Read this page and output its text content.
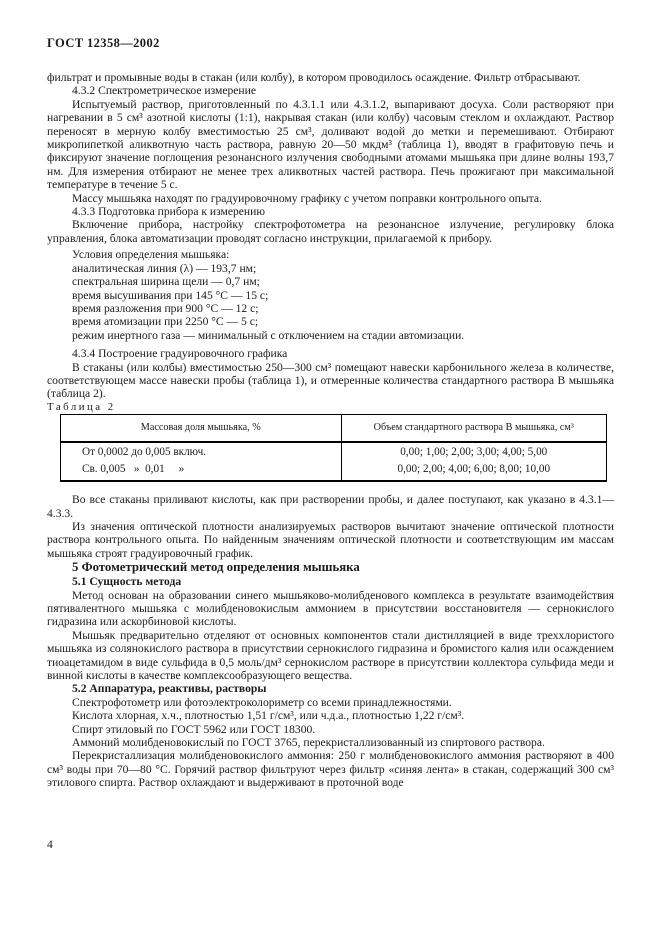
ГОСТ 12358—2002

фильтрат и промывные воды в стакан (или колбу), в котором проводилось осаждение. Фильтр отбрасывают.

4.3.2 Спектрометрическое измерение

Испытуемый раствор, приготовленный по 4.3.1.1 или 4.3.1.2, выпаривают досуха. Соли растворяют при нагревании в 5 см³ азотной кислоты (1:1), накрывая стакан (или колбу) часовым стеклом и охлаждают. Раствор переносят в мерную колбу вместимостью 25 см³, доливают водой до метки и перемешивают. Отбирают микропипеткой аликвотную часть раствора, равную 20—50 мкдм³ (таблица 1), вводят в графитовую печь и фиксируют значение поглощения резонансного излучения свободными атомами мышьяка при длине волны 193,7 нм. Для измерения отбирают не менее трех аликвотных частей раствора. Печь прожигают при максимальной температуре в течение 5 с.

Массу мышьяка находят по градуировочному графику с учетом поправки контрольного опыта.

4.3.3 Подготовка прибора к измерению

Включение прибора, настройку спектрофотометра на резонансное излучение, регулировку блока управления, блока автоматизации проводят согласно инструкции, прилагаемой к прибору.

Условия определения мышьяка:

аналитическая линия (λ) — 193,7 нм;

спектральная ширина щели — 0,7 нм;

время высушивания при 145 °С — 15 с;

время разложения при 900 °С — 12 с;

время атомизации при 2250 °С — 5 с;

режим инертного газа — минимальный с отключением на стадии автомизации.

4.3.4 Построение градуировочного графика

В стаканы (или колбы) вместимостью 250—300 см³ помещают навески карбонильного железа в количестве, соответствующем массе навески пробы (таблица 1), и отмеренные количества стандартного раствора В мышьяка (таблица 2).

Таблица 2

Массовая доля мышьяка, %	Объем стандартного раствора В мышьяка, см³
От 0,0002 до 0,005 включ.	0,00; 1,00; 2,00; 3,00; 4,00; 5,00
Св. 0,005   »  0,01     »	0,00; 2,00; 4,00; 6,00; 8,00; 10,00

Во все стаканы приливают кислоты, как при растворении пробы, и далее поступают, как указано в 4.3.1—4.3.3.

Из значения оптической плотности анализируемых растворов вычитают значение оптической плотности раствора контрольного опыта. По найденным значениям оптической плотности и соответствующим им массам мышьяка строят градуировочный график.

5 Фотометрический метод определения мышьяка

5.1 Сущность метода

Метод основан на образовании синего мышьяково-молибденового комплекса в результате взаимодействия пятивалентного мышьяка с молибденовокислым аммонием в присутствии восстановителя — сернокислого гидразина или аскорбиновой кислоты.

Мышьяк предварительно отделяют от основных компонентов стали дистилляцией в виде треххлористого мышьяка из солянокислого раствора в присутствии сернокислого гидразина и бромистого калия или осаждением тиоацетамидом в виде сульфида в 0,5 моль/дм³ сернокислом растворе в присутствии коллектора сульфида меди и винной кислоты в качестве комплексообразующего вещества.

5.2 Аппаратура, реактивы, растворы

Спектрофотометр или фотоэлектроколориметр со всеми принадлежностями.

Кислота хлорная, х.ч., плотностью 1,51 г/см³, или ч.д.а., плотностью 1,22 г/см³.

Спирт этиловый по ГОСТ 5962 или ГОСТ 18300.

Аммоний молибденовокислый по ГОСТ 3765, перекристаллизованный из спиртового раствора.

Перекристаллизация молибденовокислого аммония: 250 г молибденовокислого аммония растворяют в 400 см³ воды при 70—80 °С. Горячий раствор фильтруют через фильтр «синяя лента» в стакан, содержащий 300 см³ этилового спирта. Раствор охлаждают и выдерживают в проточной воде

4
